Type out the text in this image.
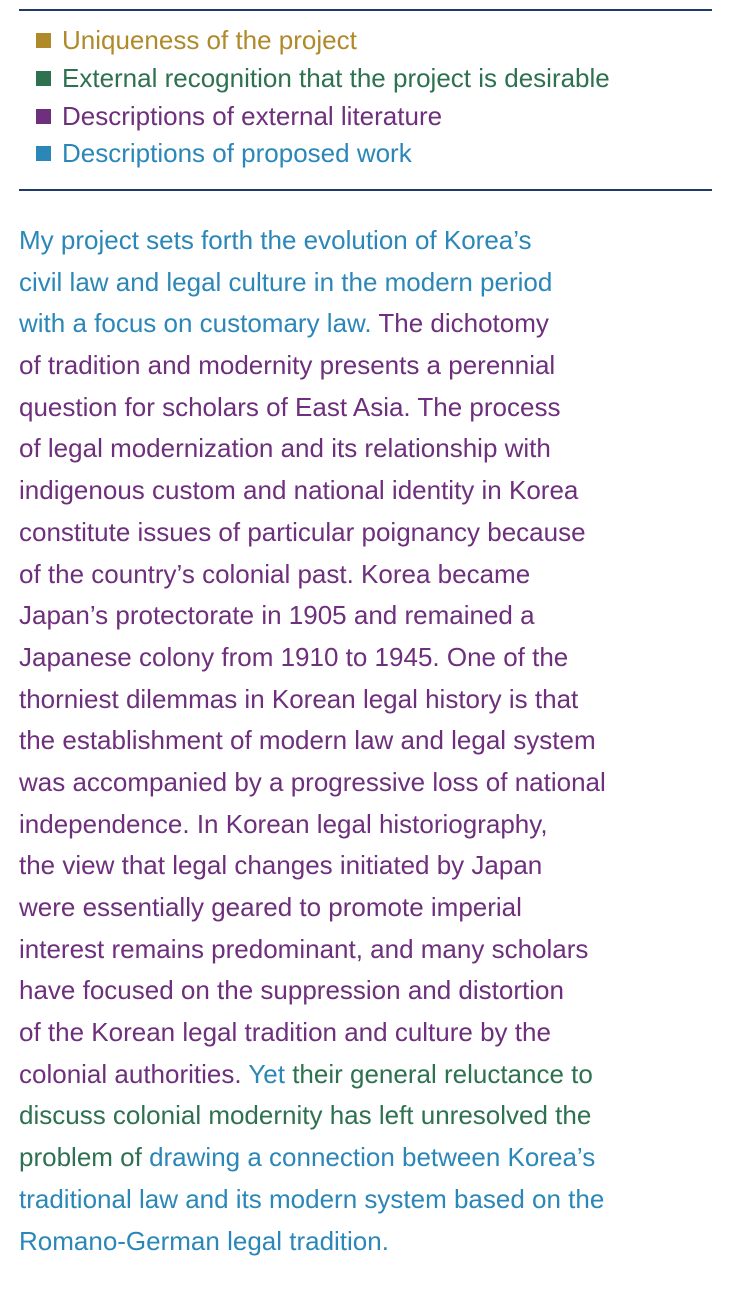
Uniqueness of the project
External recognition that the project is desirable
Descriptions of external literature
Descriptions of proposed work
My project sets forth the evolution of Korea’s
civil law and legal culture in the modern period
with a focus on customary law. The dichotomy
of tradition and modernity presents a perennial
question for scholars of East Asia. The process
of legal modernization and its relationship with
indigenous custom and national identity in Korea
constitute issues of particular poignancy because
of the country’s colonial past. Korea became
Japan’s protectorate in 1905 and remained a
Japanese colony from 1910 to 1945. One of the
thorniest dilemmas in Korean legal history is that
the establishment of modern law and legal system
was accompanied by a progressive loss of national
independence. In Korean legal historiography,
the view that legal changes initiated by Japan
were essentially geared to promote imperial
interest remains predominant, and many scholars
have focused on the suppression and distortion
of the Korean legal tradition and culture by the
colonial authorities. Yet their general reluctance to
discuss colonial modernity has left unresolved the
problem of drawing a connection between Korea’s
traditional law and its modern system based on the
Romano-German legal tradition.
